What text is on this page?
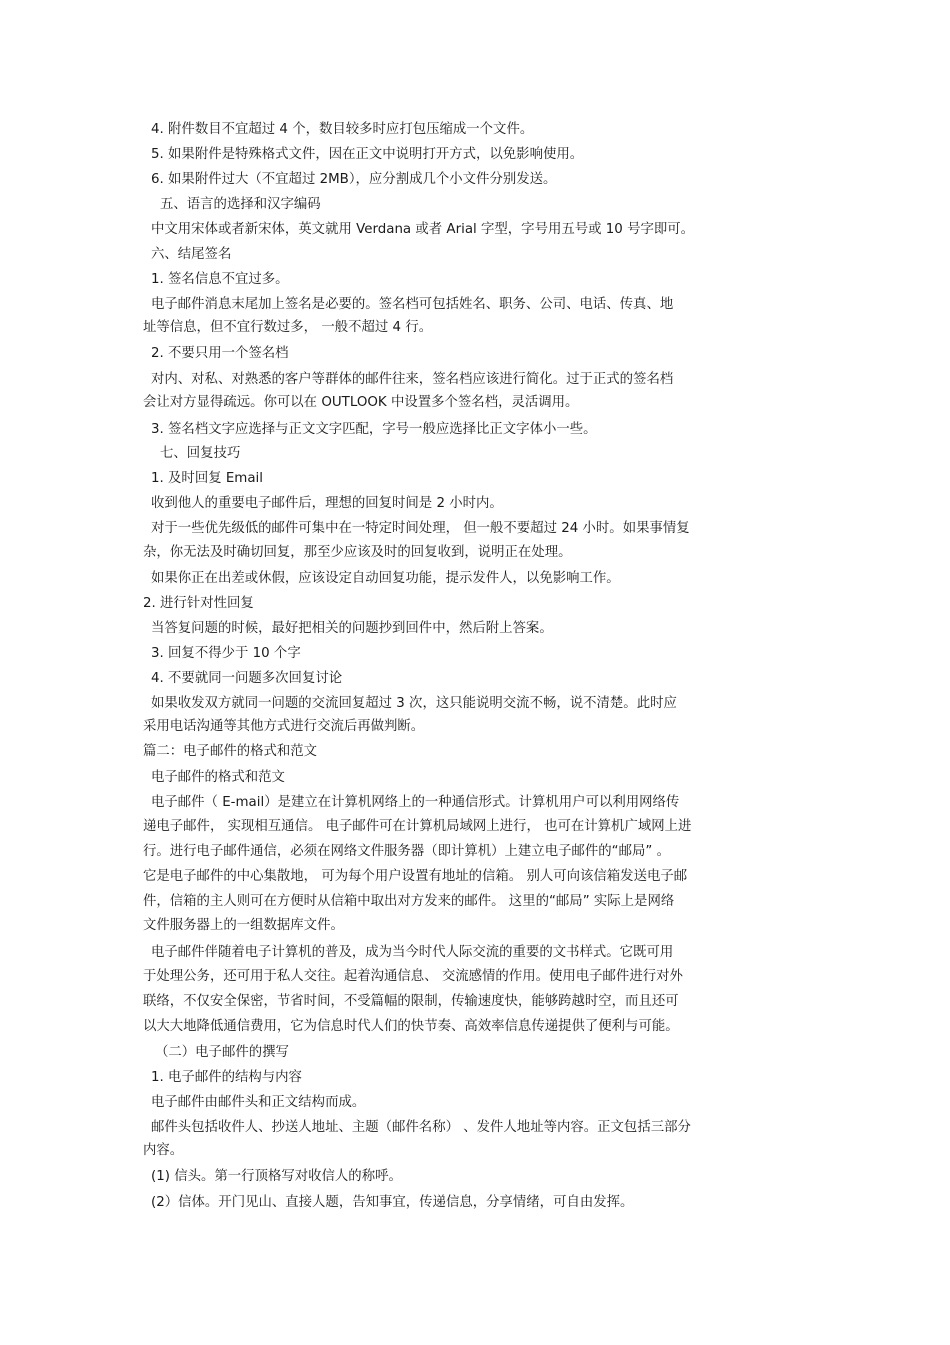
4. 附件数目不宜超过 4 个，数目较多时应打包压缩成一个文件。
5. 如果附件是特殊格式文件，因在正文中说明打开方式，以免影响使用。
6. 如果附件过大（不宜超过 2MB），应分割成几个小文件分别发送。
五、语言的选择和汉字编码
中文用宋体或者新宋体，英文就用 Verdana 或者 Arial 字型，字号用五号或 10 号字即可。
六、结尾签名
1. 签名信息不宜过多。
电子邮件消息末尾加上签名是必要的。签名档可包括姓名、职务、公司、电话、传真、地
址等信息，但不宜行数过多， 一般不超过 4 行。
2. 不要只用一个签名档
对内、对私、对熟悉的客户等群体的邮件往来，签名档应该进行简化。过于正式的签名档
会让对方显得疏远。你可以在 OUTLOOK 中设置多个签名档，灵活调用。
3. 签名档文字应选择与正文文字匹配，字号一般应选择比正文字体小一些。
七、回复技巧
1. 及时回复 Email
收到他人的重要电子邮件后，理想的回复时间是 2 小时内。
对于一些优先级低的邮件可集中在一特定时间处理， 但一般不要超过 24 小时。如果事情复
杂，你无法及时确切回复，那至少应该及时的回复收到，说明正在处理。
如果你正在出差或休假，应该设定自动回复功能，提示发件人，以免影响工作。
2. 进行针对性回复
当答复问题的时候，最好把相关的问题抄到回件中，然后附上答案。
3. 回复不得少于 10 个字
4. 不要就同一问题多次回复讨论
如果收发双方就同一问题的交流回复超过 3 次，这只能说明交流不畅，说不清楚。此时应
采用电话沟通等其他方式进行交流后再做判断。
篇二：电子邮件的格式和范文
电子邮件的格式和范文
电子邮件（ E-mail）是建立在计算机网络上的一种通信形式。计算机用户可以利用网络传
递电子邮件， 实现相互通信。 电子邮件可在计算机局域网上进行， 也可在计算机广域网上进
行。进行电子邮件通信，必须在网络文件服务器（即计算机）上建立电子邮件的“邮局” 。
它是电子邮件的中心集散地， 可为每个用户设置有地址的信箱。 别人可向该信箱发送电子邮
件，信箱的主人则可在方便时从信箱中取出对方发来的邮件。 这里的“邮局” 实际上是网络
文件服务器上的一组数据库文件。
电子邮件伴随着电子计算机的普及，成为当今时代人际交流的重要的文书样式。它既可用
于处理公务，还可用于私人交往。起着沟通信息、 交流感情的作用。使用电子邮件进行对外
联络，不仅安全保密，节省时间，不受篇幅的限制，传输速度快，能够跨越时空，而且还可
以大大地降低通信费用，它为信息时代人们的快节奏、高效率信息传递提供了便利与可能。
（二）电子邮件的撰写
1. 电子邮件的结构与内容
电子邮件由邮件头和正文结构而成。
邮件头包括收件人、抄送人地址、主题（邮件名称） 、发件人地址等内容。正文包括三部分
内容。
(1) 信头。第一行顶格写对收信人的称呼。
(2）信体。开门见山、直接人题，告知事宜，传递信息，分享情绪，可自由发挥。
